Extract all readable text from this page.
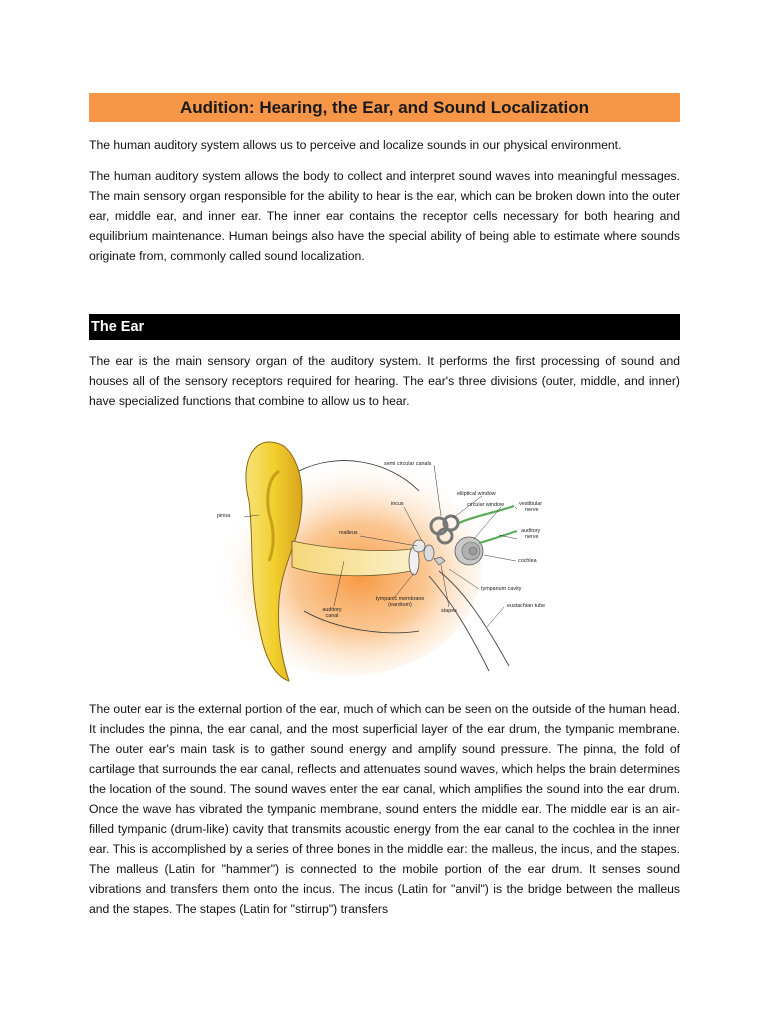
Audition: Hearing, the Ear, and Sound Localization

The human auditory system allows us to perceive and localize sounds in our physical environment.

The human auditory system allows the body to collect and interpret sound waves into meaningful messages. The main sensory organ responsible for the ability to hear is the ear, which can be broken down into the outer ear, middle ear, and inner ear. The inner ear contains the receptor cells necessary for both hearing and equilibrium maintenance. Human beings also have the special ability of being able to estimate where sounds originate from, commonly called sound localization.

The Ear

The ear is the main sensory organ of the auditory system. It performs the first processing of sound and houses all of the sensory receptors required for hearing. The ear's three divisions (outer, middle, and inner) have specialized functions that combine to allow us to hear.

pinna
semi circular canals
incus
elliptical window
circular window	vestibular
nerve
malleus	auditory
nerve
cochlea
tympanum cavity
tympanic membrane
(eardrum)
stapes
eustachian tube
auditory
canal

The outer ear is the external portion of the ear, much of which can be seen on the outside of the human head. It includes the pinna, the ear canal, and the most superficial layer of the ear drum, the tympanic membrane. The outer ear's main task is to gather sound energy and amplify sound pressure. The pinna, the fold of cartilage that surrounds the ear canal, reflects and attenuates sound waves, which helps the brain determines the location of the sound. The sound waves enter the ear canal, which amplifies the sound into the ear drum. Once the wave has vibrated the tympanic membrane, sound enters the middle ear. The middle ear is an air-filled tympanic (drum-like) cavity that transmits acoustic energy from the ear canal to the cochlea in the inner ear. This is accomplished by a series of three bones in the middle ear: the malleus, the incus, and the stapes. The malleus (Latin for "hammer") is connected to the mobile portion of the ear drum. It senses sound vibrations and transfers them onto the incus. The incus (Latin for "anvil") is the bridge between the malleus and the stapes. The stapes (Latin for "stirrup") transfers
